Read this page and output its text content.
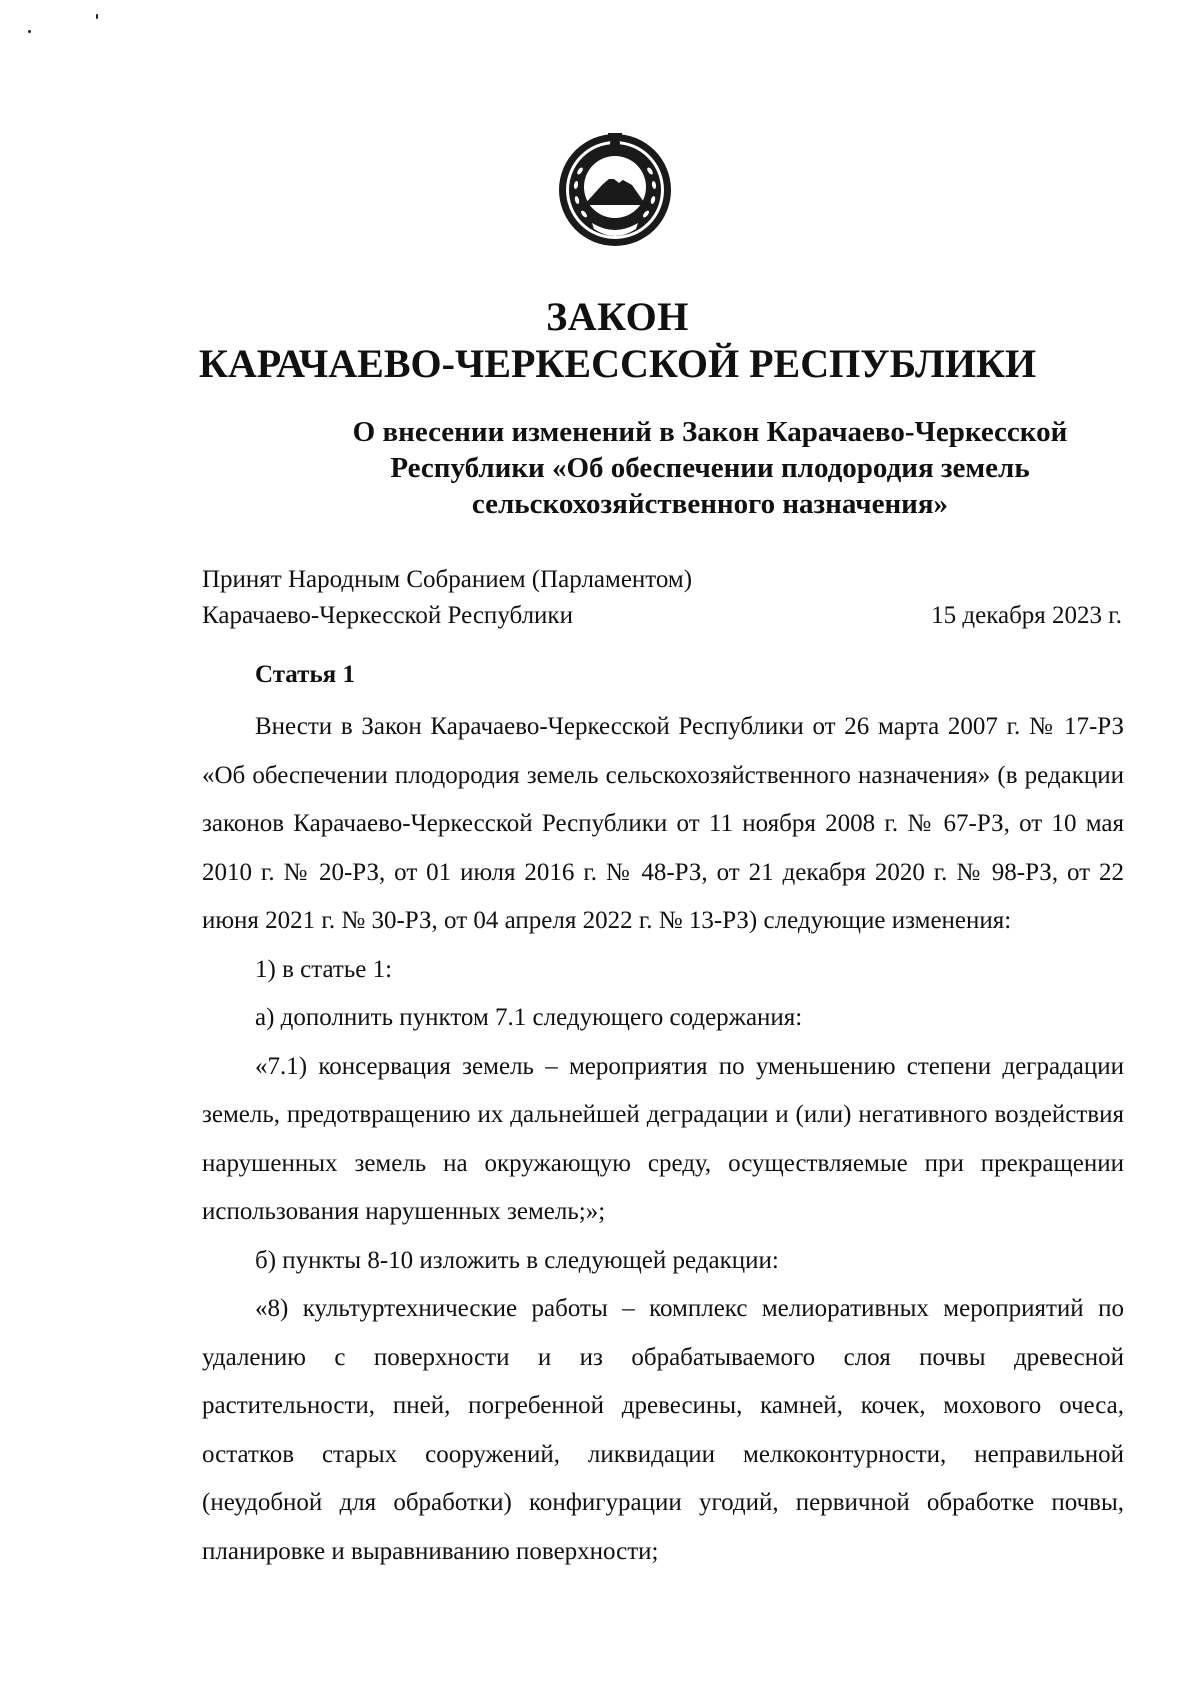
ЗАКОН
КАРАЧАЕВО-ЧЕРКЕССКОЙ РЕСПУБЛИКИ
О внесении изменений в Закон Карачаево-Черкесской
Республики «Об обеспечении плодородия земель
сельскохозяйственного назначения»
Принят Народным Собранием (Парламентом)
Карачаево-Черкесской Республики	15 декабря 2023 г.
Статья 1

Внести в Закон Карачаево-Черкесской Республики от 26 марта 2007 г. № 17-РЗ «Об обеспечении плодородия земель сельскохозяйственного назначения» (в редакции законов Карачаево-Черкесской Республики от 11 ноября 2008 г. № 67-РЗ, от 10 мая 2010 г. № 20-РЗ, от 01 июля 2016 г. № 48-РЗ, от 21 декабря 2020 г. № 98-РЗ, от 22 июня 2021 г. № 30-РЗ, от 04 апреля 2022 г. № 13-РЗ) следующие изменения:

1) в статье 1:

а) дополнить пунктом 7.1 следующего содержания:

«7.1) консервация земель – мероприятия по уменьшению степени деградации земель, предотвращению их дальнейшей деградации и (или) негативного воздействия нарушенных земель на окружающую среду, осуществляемые при прекращении использования нарушенных земель;»;

б) пункты 8-10 изложить в следующей редакции:

«8) культуртехнические работы – комплекс мелиоративных мероприятий по удалению с поверхности и из обрабатываемого слоя почвы древесной растительности, пней, погребенной древесины, камней, кочек, мохового очеса, остатков старых сооружений, ликвидации мелкоконтурности, неправильной (неудобной для обработки) конфигурации угодий, первичной обработке почвы, планировке и выравниванию поверхности;
